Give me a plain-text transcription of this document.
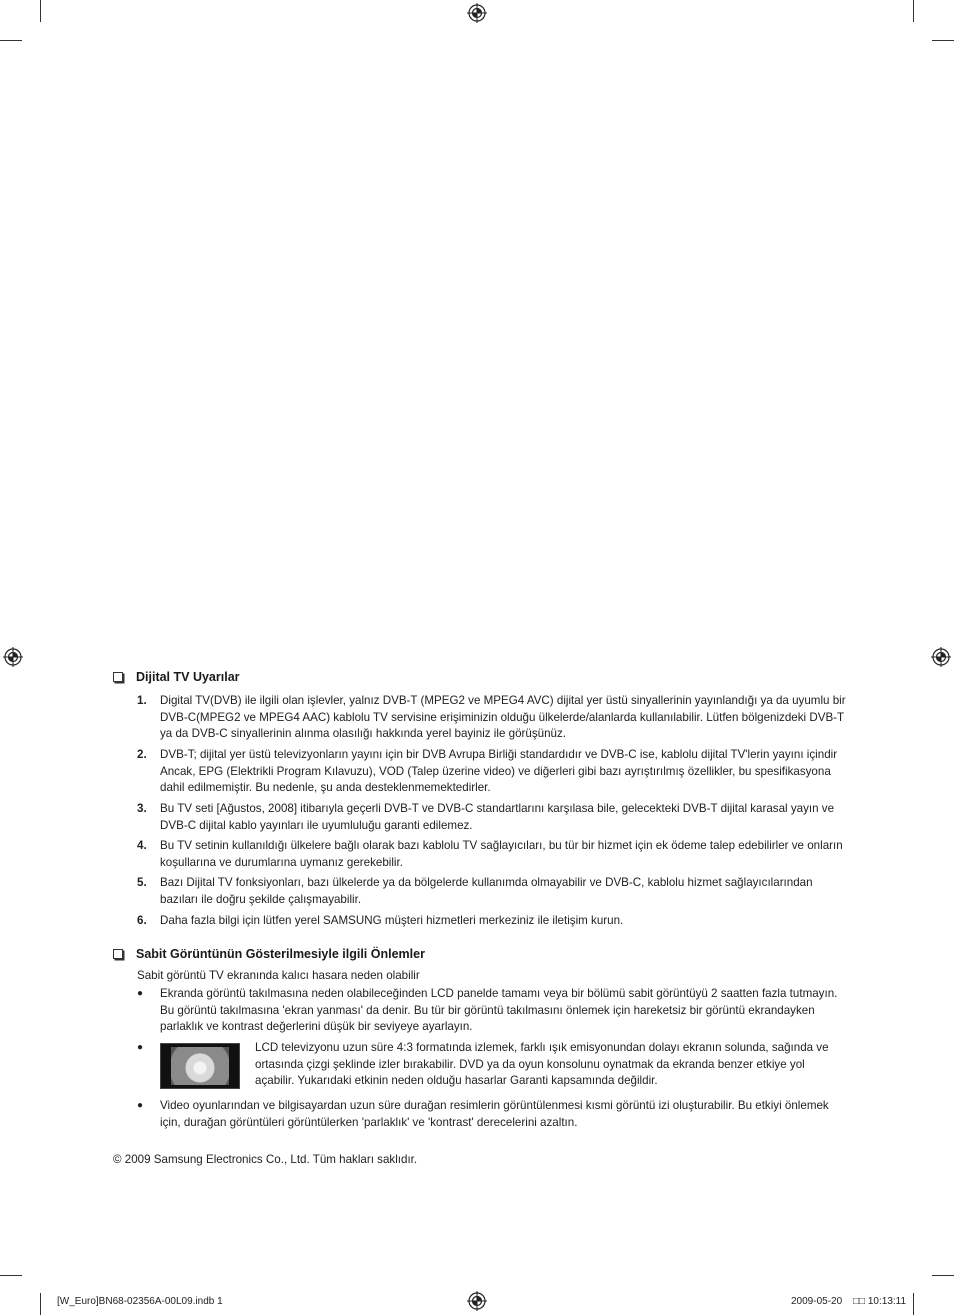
Dijital TV Uyarılar
1. Digital TV(DVB) ile ilgili olan işlevler, yalnız DVB-T (MPEG2 ve MPEG4 AVC) dijital yer üstü sinyallerinin yayınlandığı ya da uyumlu bir DVB-C(MPEG2 ve MPEG4 AAC) kablolu TV servisine erişiminizin olduğu ülkelerde/alanlarda kullanılabilir. Lütfen bölgenizdeki DVB-T ya da DVB-C sinyallerinin alınma olasılığı hakkında yerel bayiniz ile görüşünüz.
2. DVB-T; dijital yer üstü televizyonların yayını için bir DVB Avrupa Birliği standardıdır ve DVB-C ise, kablolu dijital TV'lerin yayını içindir Ancak, EPG (Elektrikli Program Kılavuzu), VOD (Talep üzerine video) ve diğerleri gibi bazı ayrıştırılmış özellikler, bu spesifikasyona dahil edilmemiştir. Bu nedenle, şu anda desteklenmemektedirler.
3. Bu TV seti [Ağustos, 2008] itibarıyla geçerli DVB-T ve DVB-C standartlarını karşılasa bile, gelecekteki DVB-T dijital karasal yayın ve DVB-C dijital kablo yayınları ile uyumluluğu garanti edilemez.
4. Bu TV setinin kullanıldığı ülkelere bağlı olarak bazı kablolu TV sağlayıcıları, bu tür bir hizmet için ek ödeme talep edebilirler ve onların koşullarına ve durumlarına uymanız gerekebilir.
5. Bazı Dijital TV fonksiyonları, bazı ülkelerde ya da bölgelerde kullanımda olmayabilir ve DVB-C, kablolu hizmet sağlayıcılarından bazıları ile doğru şekilde çalışmayabilir.
6. Daha fazla bilgi için lütfen yerel SAMSUNG müşteri hizmetleri merkeziniz ile iletişim kurun.
Sabit Görüntünün Gösterilmesiyle ilgili Önlemler
Sabit görüntü TV ekranında kalıcı hasara neden olabilir
● Ekranda görüntü takılmasına neden olabileceğinden LCD panelde tamamı veya bir bölümü sabit görüntüyü 2 saatten fazla tutmayın. Bu görüntü takılmasına 'ekran yanması' da denir. Bu tür bir görüntü takılmasını önlemek için hareketsiz bir görüntü ekrandayken parlaklık ve kontrast değerlerini düşük bir seviyeye ayarlayın.
●	LCD televizyonu uzun süre 4:3 formatında izlemek, farklı ışık emisyonundan dolayı ekranın solunda, sağında ve ortasında çizgi şeklinde izler bırakabilir. DVD ya da oyun konsolunu oynatmak da ekranda benzer etkiye yol açabilir. Yukarıdaki etkinin neden olduğu hasarlar Garanti kapsamında değildir.
● Video oyunlarından ve bilgisayardan uzun süre durağan resimlerin görüntülenmesi kısmi görüntü izi oluşturabilir. Bu etkiyi önlemek için, durağan görüntüleri görüntülerken 'parlaklık' ve 'kontrast' derecelerini azaltın.
© 2009 Samsung Electronics Co., Ltd. Tüm hakları saklıdır.
[W_Euro]BN68-02356A-00L09.indb 1	2009-05-20 □□ 10:13:11
